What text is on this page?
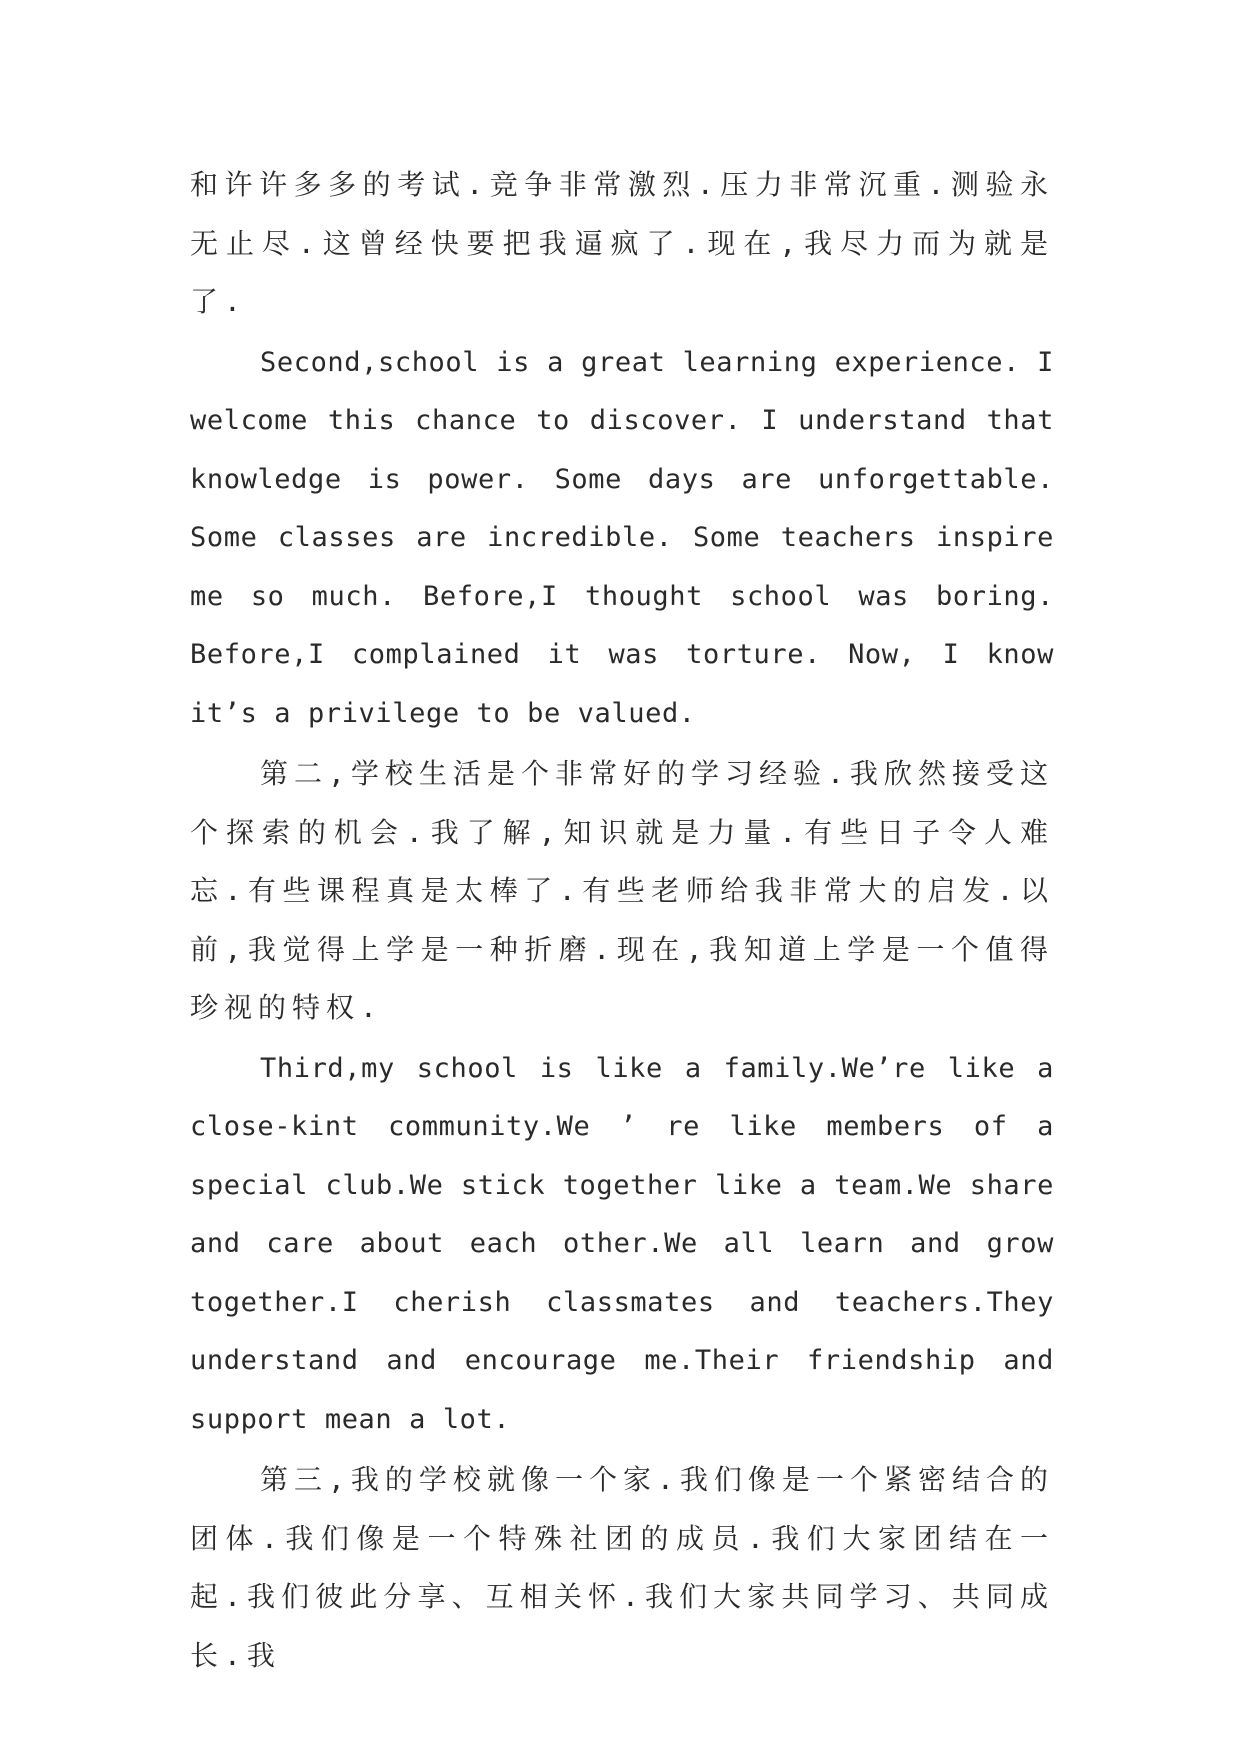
和许许多多的考试.竞争非常激烈.压力非常沉重.测验永无止尽.这曾经快要把我逼疯了.现在,我尽力而为就是了.

Second,school is a great learning experience. I welcome this chance to discover. I understand that knowledge is power. Some days are unforgettable. Some classes are incredible. Some teachers inspire me so much. Before,I thought school was boring. Before,I complained it was torture. Now, I know it’s a privilege to be valued.

第二,学校生活是个非常好的学习经验.我欣然接受这个探索的机会.我了解,知识就是力量.有些日子令人难忘.有些课程真是太棒了.有些老师给我非常大的启发.以前,我觉得上学是一种折磨.现在,我知道上学是一个值得珍视的特权.

Third,my school is like a family.We’re like a close-kint community.We ’ re like members of a special club.We stick together like a team.We share and care about each other.We all learn and grow together.I cherish classmates and teachers.They understand and encourage me.Their friendship and support mean a lot.

第三,我的学校就像一个家.我们像是一个紧密结合的团体.我们像是一个特殊社团的成员.我们大家团结在一起.我们彼此分享、互相关怀.我们大家共同学习、共同成长.我
